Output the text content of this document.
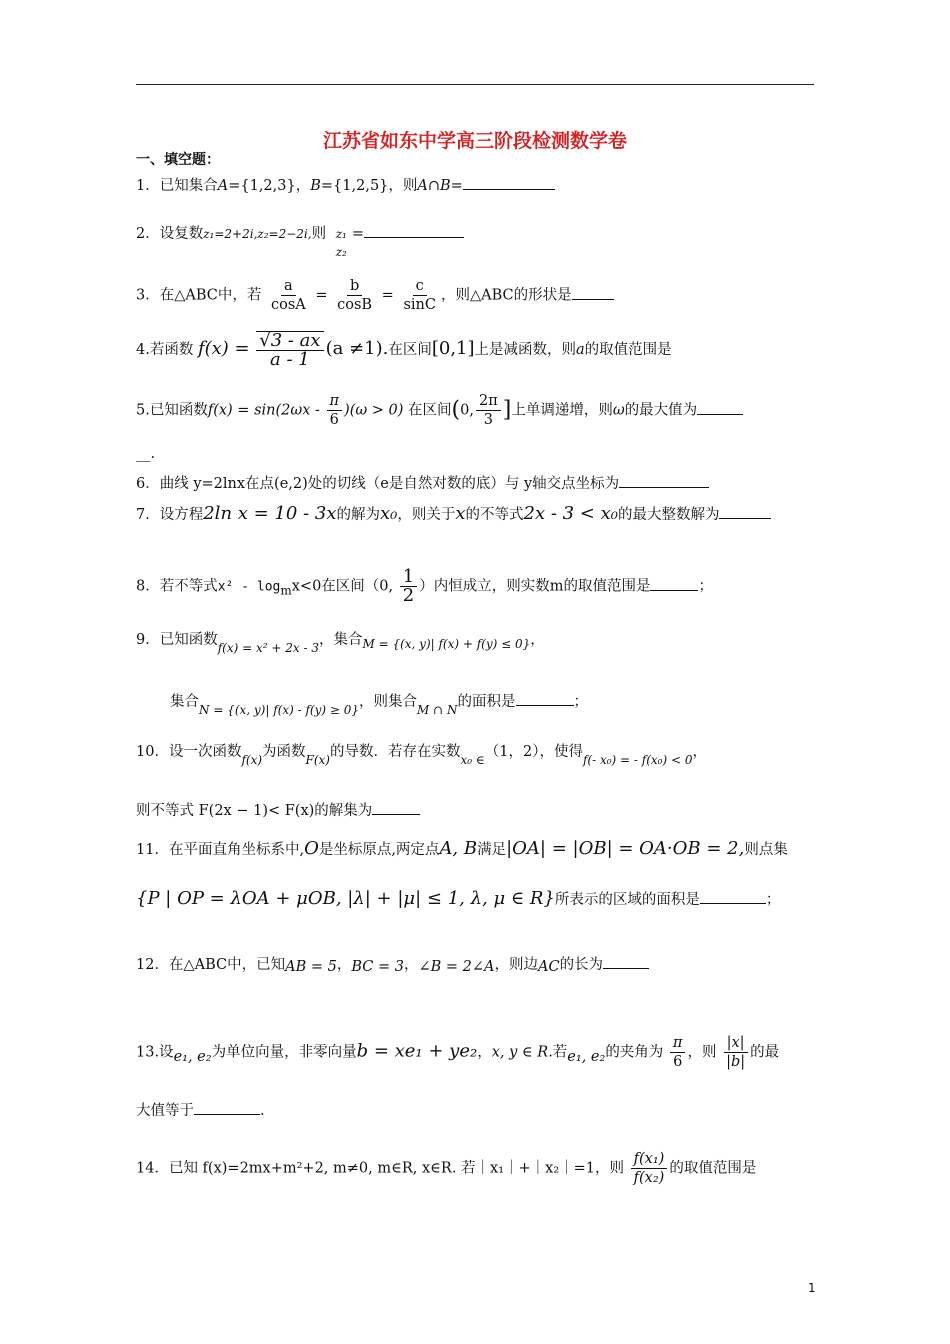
江苏省如东中学高三阶段检测数学卷
一、填空题：
1．已知集合A={1,2,3}，B={1,2,5}，则A∩B=
2．设复数z₁=2+2i,z₂=2−2i,则 z₁
z₂
=
3．在△ABC中，若 $\frac{a}{\cos A} = \frac{b}{\cos B} = \frac{c}{\sin C}$ ，则△ABC的形状是
4.若函数 $f(x) = \frac{√3 - ax}{a - 1} (a \ne 1)$.在区间[0,1]上是减函数，则a的取值范围是
5.已知函数$f(x) = \sin(2\omega x - \frac{\pi}{6} )(\omega > 0)$ 在区间(0, $\frac{2\pi}{3}$ ]上单调递增，则ω的最大值为
__.
6．曲线 y=2lnx在点(e,2)处的切线（e是自然对数的底）与 y轴交点坐标为
7．设方程2ln x = 10 - 3x的解为x₀，则关于x的不等式2x - 3 < x₀的最大整数解为
8．若不等式$x^2 - \log_mx<0$在区间（0, $\frac{1}{2}$ ）内恒成立，则实数m的取值范围是	；
9．已知函数$_{f(x) = x^2 + 2x - 3}$，集合$_{M = \{(x, y)| f(x) + f(y) \le 0\}}$，
集合$_{N = \{(x, y)| f(x) - f(y) \ge 0\}}$，则集合$_{M \cap N}$的面积是	；
10．设一次函数$_{f(x)}$为函数$_{F(x)}$的导数．若存在实数$_{x_0 \in}$（1，2），使得$_{f(- x_0) = - f(x_0) < 0}$，
则不等式 F(2x − 1)< F(x)的解集为
11．在平面直角坐标系中,O是坐标原点,两定点A, B满足|OA| = |OB| = OA·OB = 2,则点集
{P | OP = λOA + μOB, |λ| + |μ| ≤ 1, λ, μ ∈ R}所表示的区域的面积是	；
12．在△ABC中，已知AB = 5，BC = 3，∠B = 2∠A，则边AC的长为
13.设e₁, e₂为单位向量，非零向量b = xe₁ + ye₂，x, y ∈ R.若e₁, e₂的夹角为 $\frac{\pi}{6}$ ，则 $\frac{|x|}{|b|}$ 的最
大值等于	.
14．已知 f(x)=2mx+m²+2, m≠0, m∈R, x∈R. 若｜x₁｜+｜x₂｜=1，则 $\frac{\text{f(x₁)}}{\text{f(x₂)}}$ 的取值范围是
1
